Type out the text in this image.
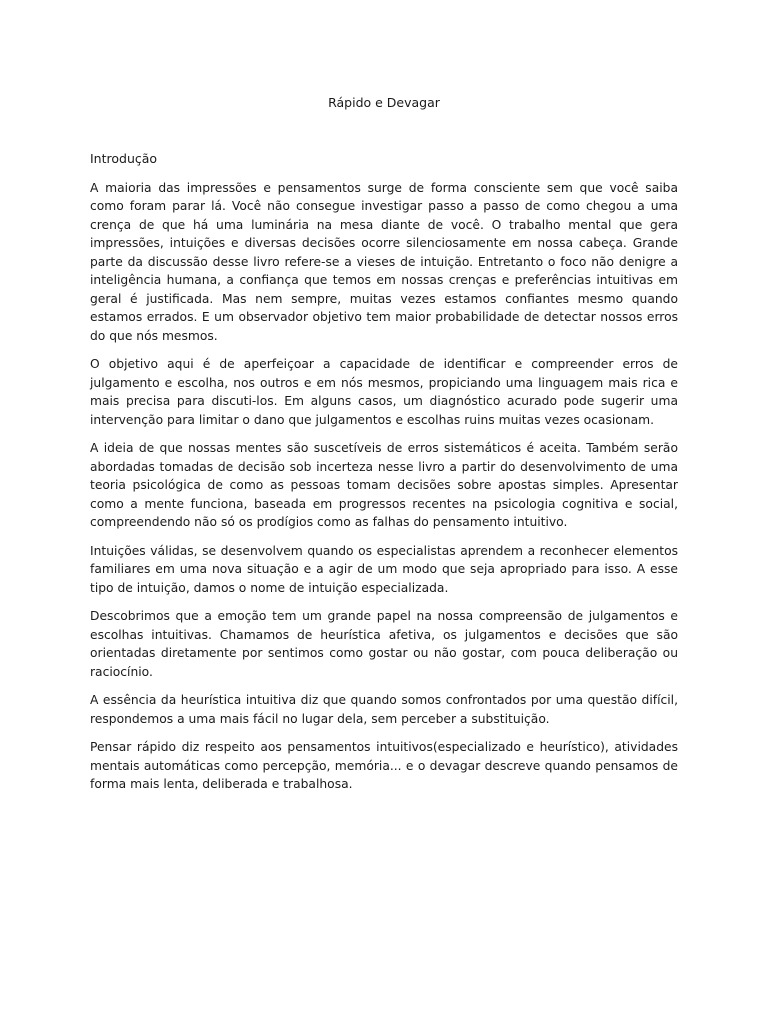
Rápido e Devagar
Introdução

A maioria das impressões e pensamentos surge de forma consciente sem que você saiba como foram parar lá. Você não consegue investigar passo a passo de como chegou a uma crença de que há uma luminária na mesa diante de você. O trabalho mental que gera impressões, intuições e diversas decisões ocorre silenciosamente em nossa cabeça. Grande parte da discussão desse livro refere-se a vieses de intuição. Entretanto o foco não denigre a inteligência humana, a confiança que temos em nossas crenças e preferências intuitivas em geral é justificada. Mas nem sempre, muitas vezes estamos confiantes mesmo quando estamos errados. E um observador objetivo tem maior probabilidade de detectar nossos erros do que nós mesmos.

O objetivo aqui é de aperfeiçoar a capacidade de identificar e compreender erros de julgamento e escolha, nos outros e em nós mesmos, propiciando uma linguagem mais rica e mais precisa para discuti-los. Em alguns casos, um diagnóstico acurado pode sugerir uma intervenção para limitar o dano que julgamentos e escolhas ruins muitas vezes ocasionam.

A ideia de que nossas mentes são suscetíveis de erros sistemáticos é aceita. Também serão abordadas tomadas de decisão sob incerteza nesse livro a partir do desenvolvimento de uma teoria psicológica de como as pessoas tomam decisões sobre apostas simples. Apresentar como a mente funciona, baseada em progressos recentes na psicologia cognitiva e social, compreendendo não só os prodígios como as falhas do pensamento intuitivo.

Intuições válidas, se desenvolvem quando os especialistas aprendem a reconhecer elementos familiares em uma nova situação e a agir de um modo que seja apropriado para isso. A esse tipo de intuição, damos o nome de intuição especializada.

Descobrimos que a emoção tem um grande papel na nossa compreensão de julgamentos e escolhas intuitivas. Chamamos de heurística afetiva, os julgamentos e decisões que são orientadas diretamente por sentimos como gostar ou não gostar, com pouca deliberação ou raciocínio.

A essência da heurística intuitiva diz que quando somos confrontados por uma questão difícil, respondemos a uma mais fácil no lugar dela, sem perceber a substituição.

Pensar rápido diz respeito aos pensamentos intuitivos(especializado e heurístico), atividades mentais automáticas como percepção, memória... e o devagar descreve quando pensamos de forma mais lenta, deliberada e trabalhosa.
